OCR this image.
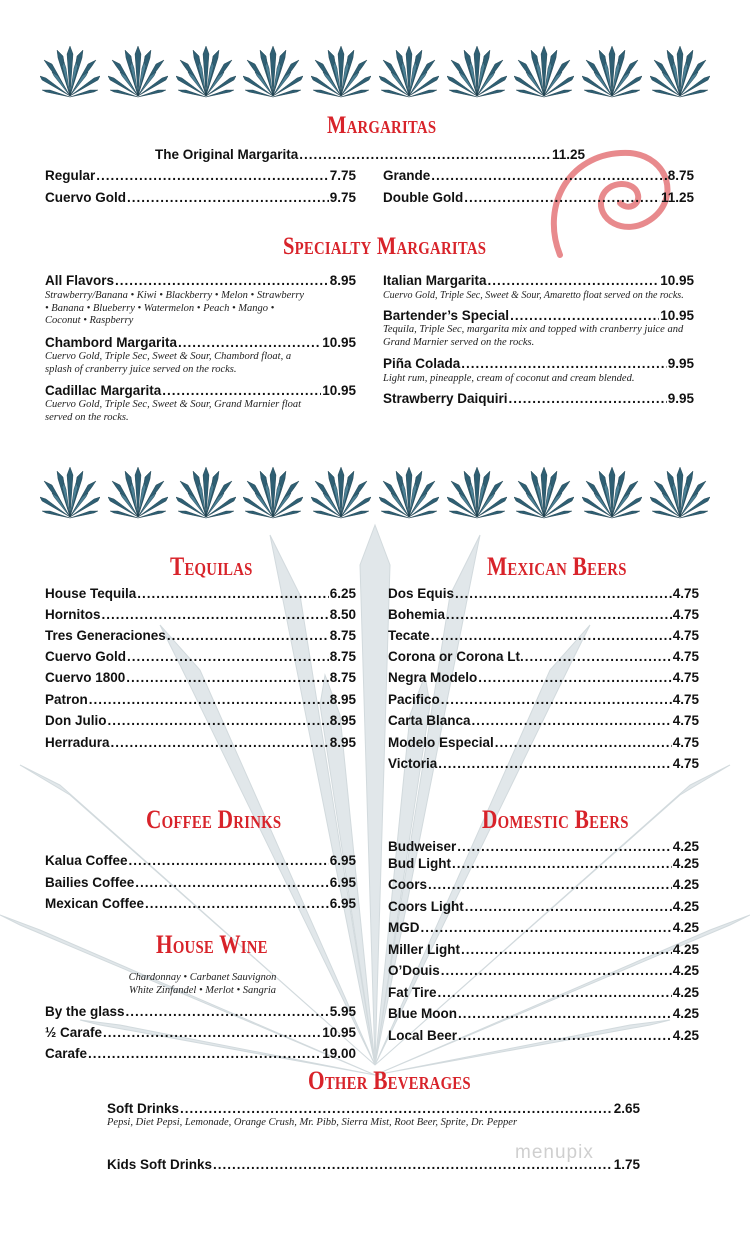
Margaritas
The Original Margarita .....	11.25
Regular .....	7.75
Cuervo Gold .....	9.75
Grande .....	8.75
Double Gold .....	11.25
Specialty Margaritas
All Flavors .....	8.95
Strawberry/Banana • Kiwi • Blackberry • Melon • Strawberry • Banana • Blueberry • Watermelon • Peach • Mango • Coconut • Raspberry
Chambord Margarita .....	10.95
Cuervo Gold, Triple Sec, Sweet & Sour, Chambord float, a splash of cranberry juice served on the rocks.
Cadillac Margarita .....	10.95
Cuervo Gold, Triple Sec, Sweet & Sour, Grand Marnier float served on the rocks.
Italian Margarita .....	10.95
Cuervo Gold, Triple Sec, Sweet & Sour, Amaretto float served on the rocks.
Bartender’s Special .....	10.95
Tequila, Triple Sec, margarita mix and topped with cranberry juice and Grand Marnier served on the rocks.
Piña Colada .....	9.95
Light rum, pineapple, cream of coconut and cream blended.
Strawberry Daiquiri .....	9.95
Tequilas
House Tequila .....	6.25
Hornitos .....	8.50
Tres Generaciones .....	8.75
Cuervo Gold .....	8.75
Cuervo 1800 .....	8.75
Patron .....	8.95
Don Julio .....	8.95
Herradura .....	8.95
Mexican Beers
Dos Equis .....	4.75
Bohemia .....	4.75
Tecate .....	4.75
Corona or Corona Lt. .....	4.75
Negra Modelo .....	4.75
Pacifico .....	4.75
Carta Blanca .....	4.75
Modelo Especial .....	4.75
Victoria .....	4.75
Coffee Drinks
Kalua Coffee .....	6.95
Bailies Coffee .....	6.95
Mexican Coffee .....	6.95
House Wine
Chardonnay • Carbanet Sauvignon
White Zinfandel • Merlot • Sangria
By the glass .....	5.95
½ Carafe .....	10.95
Carafe .....	19.00
Domestic Beers
Budweiser .....	4.25
Bud Light .....	4.25
Coors .....	4.25
Coors Light .....	4.25
MGD .....	4.25
Miller Light .....	4.25
O’Douis .....	4.25
Fat Tire .....	4.25
Blue Moon .....	4.25
Local Beer .....	4.25
Other Beverages
Soft Drinks .....	2.65
Pepsi, Diet Pepsi, Lemonade, Orange Crush, Mr. Pibb, Sierra Mist, Root Beer, Sprite, Dr. Pepper
menupix
Kids Soft Drinks .....	1.75
